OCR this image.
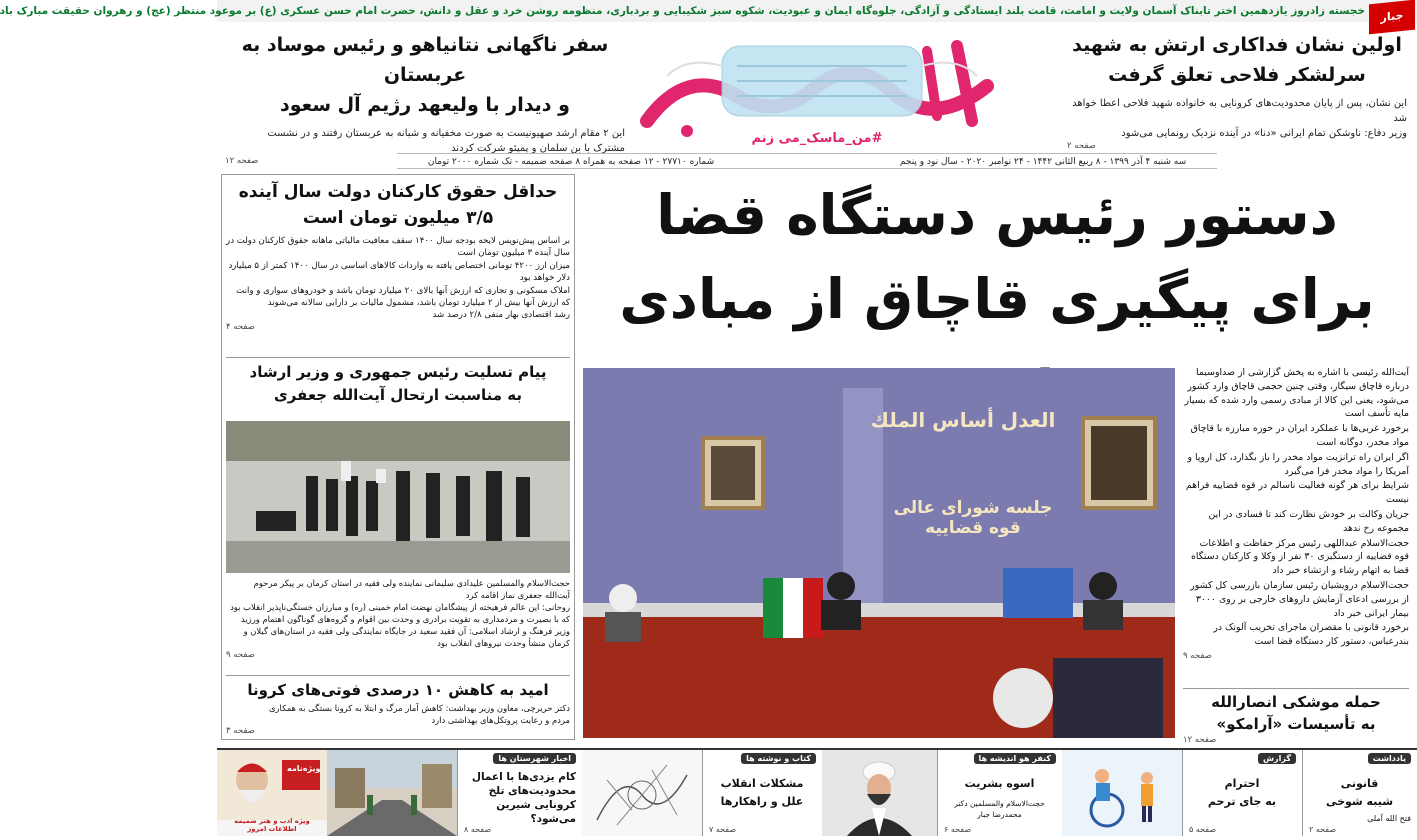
خجسته زادروز یازدهمین اختر تابناک آسمان ولایت و امامت، قامت بلند ایستادگی و آزادگی، جلوه‌گاه ایمان و عبودیت، شکوه سبز شکیبایی و بردباری، منظومه روشن خرد و عقل و دانش، حضرت امام حسن عسکری (ع) بر موعود منتظر (عج) و رهروان حقیقت مبارک باد	جبار
اولین نشان فداکاری ارتش به شهید
سرلشکر فلاحی تعلق گرفت
این نشان، پس از پایان محدودیت‌های کرونایی به خانواده شهید فلاحی اعطا خواهد شد
وزیر دفاع: ناوشکن تمام ایرانی «دنا» در آینده نزدیک رونمایی می‌شود
صفحه ۲
سفر ناگهانی نتانیاهو و رئیس موساد به عربستان
و دیدار با ولیعهد رژیم آل سعود
این ۲ مقام ارشد صهیونیست به صورت مخفیانه و شبانه به عربستان رفتند و در نشست
مشترک با بن سلمان و پمپئو شرکت کردند
صفحه ۱۲
#من_ماسک_می زنم
سه شنبه ۴ آذر ۱۳۹۹ - ۸ ربیع الثانی ۱۴۴۲ - ۲۴ نوامبر ۲۰۲۰ - سال نود و پنجم  شماره ۲۷۷۱۰ - ۱۲ صفحه به همراه ۸ صفحه ضمیمه - تک شماره ۲۰۰۰ تومان
دستور رئیس دستگاه قضا
برای پیگیری قاچاق از مبادی
العدل أساس الملك
جلسه شورای عالی قوه قضاییه

آیت‌الله رئیسی با اشاره به پخش گزارشی از صداوسیما درباره قاچاق سیگار، وقتی چنین حجمی قاچاق وارد کشور می‌شود، یعنی این کالا از مبادی رسمی وارد شده که بسیار مایه تأسف است

برخورد غربی‌ها با عملکرد ایران در حوزه مبارزه با قاچاق مواد مخدر، دوگانه است

اگر ایران راه ترانزیت مواد مخدر را باز بگذارد، کل اروپا و آمریکا را مواد مخدر فرا می‌گیرد

شرایط برای هر گونه فعالیت ناسالم در قوه قضاییه فراهم نیست

جریان وکالت بر خودش نظارت کند تا فسادی در این مجموعه رخ ندهد

حجت‌الاسلام عبداللهی رئیس مرکز حفاظت و اطلاعات قوه قضاییه از دستگیری ۳۰ نفر از وکلا و کارکنان دستگاه قضا به اتهام رشاء و ارتشاء خبر داد

حجت‌الاسلام درویشیان رئیس سازمان بازرسی کل کشور از بررسی ادعای آزمایش داروهای خارجی بر روی ۳۰۰۰ بیمار ایرانی خبر داد

برخورد قانونی با مقصران ماجرای تخریب آلونک در بندرعباس، دستور کار دستگاه قضا است

صفحه ۹
حمله موشکی انصارالله
به تأسیسات «آرامکو»
صفحه ۱۲
حداقل حقوق کارکنان دولت سال آینده
۳/۵ میلیون تومان است

بر اساس پیش‌نویس لایحه بودجه سال ۱۴۰۰ سقف معافیت مالیاتی ماهانه حقوق کارکنان دولت در سال آینده ۳ میلیون تومان است

میزان ارز ۴۲۰۰ تومانی اختصاص یافته به واردات کالاهای اساسی در سال ۱۴۰۰ کمتر از ۵ میلیارد دلار خواهد بود

املاک مسکونی و تجاری که ارزش آنها بالای ۲۰ میلیارد تومان باشد و خودروهای سواری و وانت که ارزش آنها بیش از ۲ میلیارد تومان باشد، مشمول مالیات بر دارایی سالانه می‌شوند

رشد اقتصادی بهار منفی ۲/۸ درصد شد

صفحه ۴
پیام تسلیت رئیس جمهوری و وزیر ارشاد
به مناسبت ارتحال آیت‌الله جعفری

حجت‌الاسلام والمسلمین علیدادی سلیمانی نماینده ولی فقیه در استان کرمان بر پیکر مرحوم آیت‌الله جعفری نماز اقامه کرد

روحانی: این عالم فرهیخته از پیشگامان نهضت امام خمینی (ره) و مبارزان خستگی‌ناپذیر انقلاب بود

که با بصیرت و مردمداری به تقویت برادری و وحدت بین اقوام و گروه‌های گوناگون اهتمام ورزید

وزیر فرهنگ و ارشاد اسلامی: آن فقید سعید در جایگاه نمایندگی ولی فقیه در استان‌های گیلان و

کرمان منشأ وحدت نیروهای انقلاب بود

صفحه ۹
امید به کاهش ۱۰ درصدی فوتی‌های کرونا

دکتر حریرچی، معاون وزیر بهداشت: کاهش آمار مرگ و ابتلا به کرونا بستگی به همکاری

مردم و رعایت پروتکل‌های بهداشتی دارد

صفحه ۳
یادداشت
قانونی
شیبه شوخی
فتح الله آملی
صفحه ۲
گزارش
احترام
به جای ترحم
صفحه ۵
کنفر هو اندیشه ها
اسوه بشریت
حجت‌الاسلام والمسلمین دکتر محمدرضا جبار
صفحه ۶
کتاب و نوشته ها
مشکلات انقلاب
علل و راهکارها
صفحه ۷
اخبار شهرستان ها
کام یزدی‌ها با اعمال
محدودیت‌های تلخ
کرونایی شیرین می‌شود؟
صفحه ۸
ویژه‌نامه
ویژه ادب و هنر ضمیمه اطلاعات امروز
